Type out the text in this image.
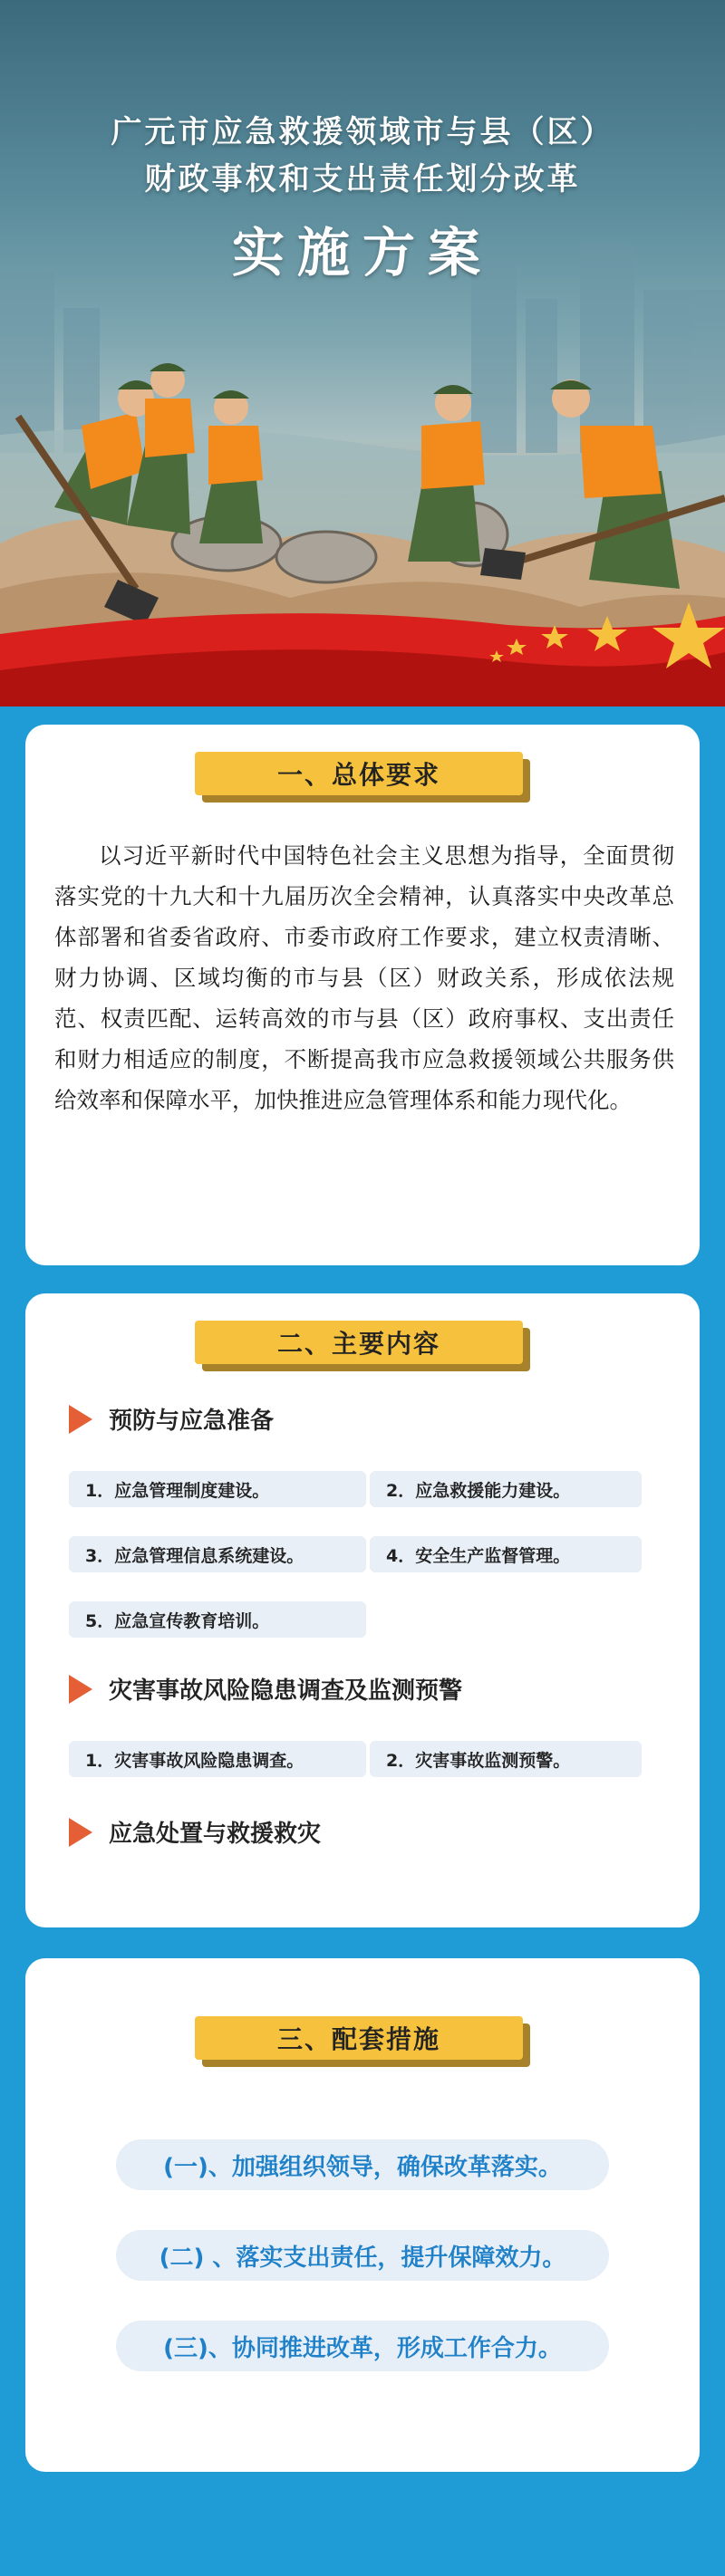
广元市应急救援领域市与县（区）
财政事权和支出责任划分改革
实施方案
一、总体要求

以习近平新时代中国特色社会主义思想为指导，全面贯彻落实党的十九大和十九届历次全会精神，认真落实中央改革总体部署和省委省政府、市委市政府工作要求，建立权责清晰、财力协调、区域均衡的市与县（区）财政关系，形成依法规范、权责匹配、运转高效的市与县（区）政府事权、支出责任和财力相适应的制度，不断提高我市应急救援领域公共服务供给效率和保障水平，加快推进应急管理体系和能力现代化。

二、主要内容
预防与应急准备
1．应急管理制度建设。	2．应急救援能力建设。
3．应急管理信息系统建设。	4．安全生产监督管理。
5．应急宣传教育培训。
灾害事故风险隐患调查及监测预警
1．灾害事故风险隐患调查。	2．灾害事故监测预警。
应急处置与救援救灾
三、配套措施
(一)、加强组织领导，确保改革落实。
(二) 、落实支出责任，提升保障效力。
(三)、协同推进改革，形成工作合力。
